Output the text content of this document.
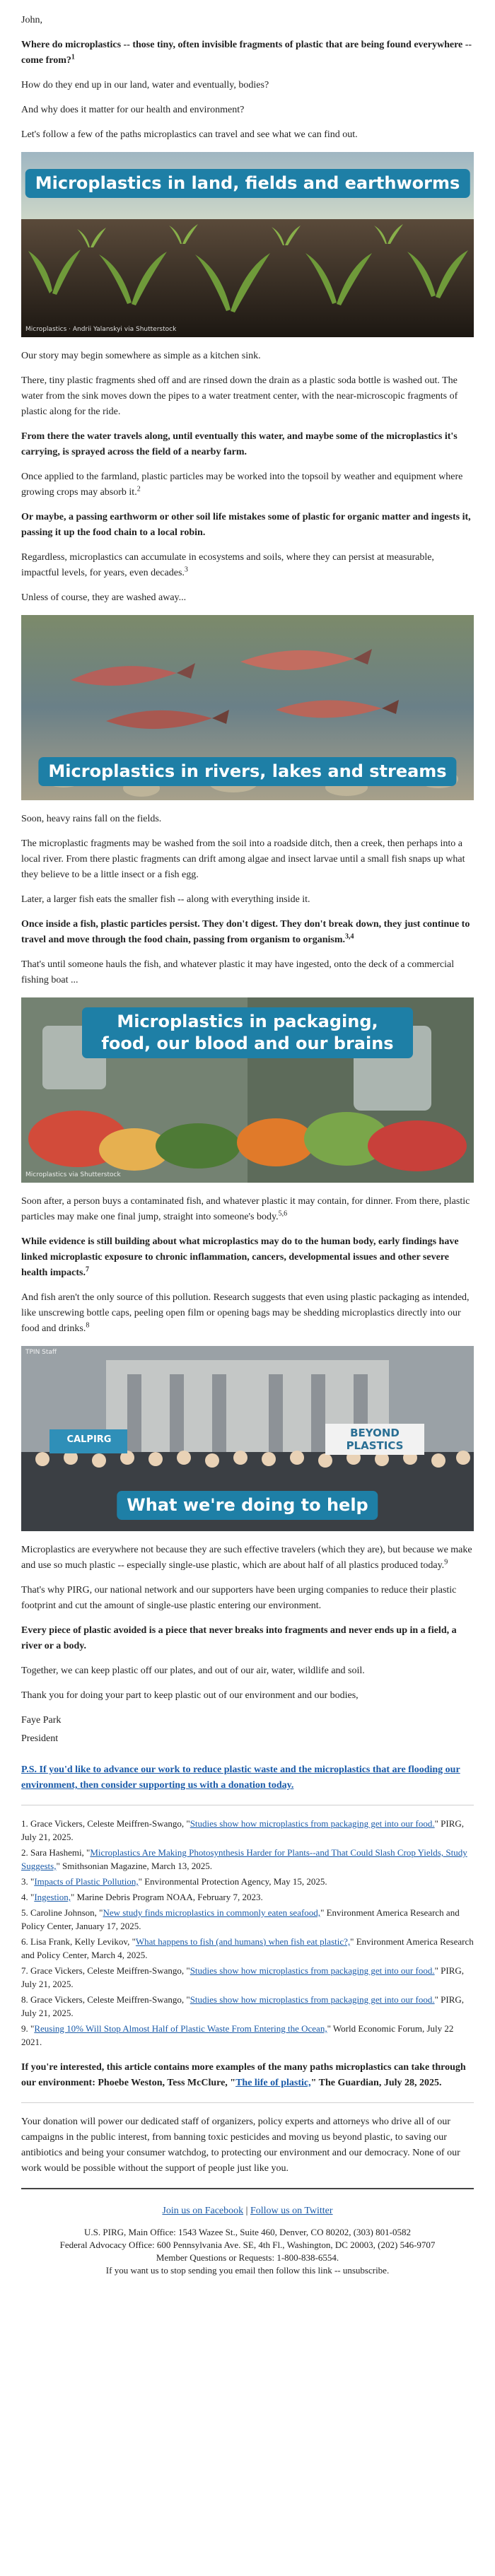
John,

Where do microplastics -- those tiny, often invisible fragments of plastic that are being found everywhere -- come from?$^1$

How do they end up in our land, water and eventually, bodies?

And why does it matter for our health and environment?

Let's follow a few of the paths microplastics can travel and see what we can find out.

Microplastics in land, fields and earthworms
Microplastics · Andrii Yalanskyi via Shutterstock

Our story may begin somewhere as simple as a kitchen sink.

There, tiny plastic fragments shed off and are rinsed down the drain as a plastic soda bottle is washed out. The water from the sink moves down the pipes to a water treatment center, with the near-microscopic fragments of plastic along for the ride.

From there the water travels along, until eventually this water, and maybe some of the microplastics it's carrying, is sprayed across the field of a nearby farm.

Once applied to the farmland, plastic particles may be worked into the topsoil by weather and equipment where growing crops may absorb it.$^2$

Or maybe, a passing earthworm or other soil life mistakes some of plastic for organic matter and ingests it, passing it up the food chain to a local robin.

Regardless, microplastics can accumulate in ecosystems and soils, where they can persist at measurable, impactful levels, for years, even decades.$^3$

Unless of course, they are washed away...

Microplastics in rivers, lakes and streams

Soon, heavy rains fall on the fields.

The microplastic fragments may be washed from the soil into a roadside ditch, then a creek, then perhaps into a local river. From there plastic fragments can drift among algae and insect larvae until a small fish snaps up what they believe to be a little insect or a fish egg.

Later, a larger fish eats the smaller fish -- along with everything inside it.

Once inside a fish, plastic particles persist. They don't digest. They don't break down, they just continue to travel and move through the food chain, passing from organism to organism.$^{3,4}$

That's until someone hauls the fish, and whatever plastic it may have ingested, onto the deck of a commercial fishing boat ...

Microplastics in packaging, food, our blood and our brains
Microplastics via Shutterstock

Soon after, a person buys a contaminated fish, and whatever plastic it may contain, for dinner. From there, plastic particles may make one final jump, straight into someone's body.$^{5,6}$

While evidence is still building about what microplastics may do to the human body, early findings have linked microplastic exposure to chronic inflammation, cancers, developmental issues and other severe health impacts.$^7$

And fish aren't the only source of this pollution. Research suggests that even using plastic packaging as intended, like unscrewing bottle caps, peeling open film or opening bags may be shedding microplastics directly into our food and drinks.$^8$

TPIN Staff
CALPIRG
BEYOND PLASTICS
What we're doing to help

Microplastics are everywhere not because they are such effective travelers (which they are), but because we make and use so much plastic -- especially single-use plastic, which are about half of all plastics produced today.$^9$

That's why PIRG, our national network and our supporters have been urging companies to reduce their plastic footprint and cut the amount of single-use plastic entering our environment.

Every piece of plastic avoided is a piece that never breaks into fragments and never ends up in a field, a river or a body.

Together, we can keep plastic off our plates, and out of our air, water, wildlife and soil.

Thank you for doing your part to keep plastic out of our environment and our bodies,

Faye Park

President

P.S. If you'd like to advance our work to reduce plastic waste and the microplastics that are flooding our environment, then consider supporting us with a donation today.

1. Grace Vickers, Celeste Meiffren-Swango, "Studies show how microplastics from packaging get into our food." PIRG, July 21, 2025.
2. Sara Hashemi, "Microplastics Are Making Photosynthesis Harder for Plants--and That Could Slash Crop Yields, Study Suggests," Smithsonian Magazine, March 13, 2025.
3. "Impacts of Plastic Pollution," Environmental Protection Agency, May 15, 2025.
4. "Ingestion," Marine Debris Program NOAA, February 7, 2023.
5. Caroline Johnson, "New study finds microplastics in commonly eaten seafood," Environment America Research and Policy Center, January 17, 2025.
6. Lisa Frank, Kelly Levikov, "What happens to fish (and humans) when fish eat plastic?," Environment America Research and Policy Center, March 4, 2025.
7. Grace Vickers, Celeste Meiffren-Swango, "Studies show how microplastics from packaging get into our food." PIRG, July 21, 2025.
8. Grace Vickers, Celeste Meiffren-Swango, "Studies show how microplastics from packaging get into our food." PIRG, July 21, 2025.
9. "Reusing 10% Will Stop Almost Half of Plastic Waste From Entering the Ocean," World Economic Forum, July 22 2021.

If you're interested, this article contains more examples of the many paths microplastics can take through our environment: Phoebe Weston, Tess McClure, "The life of plastic," The Guardian, July 28, 2025.

Your donation will power our dedicated staff of organizers, policy experts and attorneys who drive all of our campaigns in the public interest, from banning toxic pesticides and moving us beyond plastic, to saving our antibiotics and being your consumer watchdog, to protecting our environment and our democracy. None of our work would be possible without the support of people just like you.

Join us on Facebook | Follow us on Twitter
U.S. PIRG, Main Office: 1543 Wazee St., Suite 460, Denver, CO 80202, (303) 801-0582
Federal Advocacy Office: 600 Pennsylvania Ave. SE, 4th Fl., Washington, DC 20003, (202) 546-9707
Member Questions or Requests: 1-800-838-6554.
If you want us to stop sending you email then follow this link -- unsubscribe.
